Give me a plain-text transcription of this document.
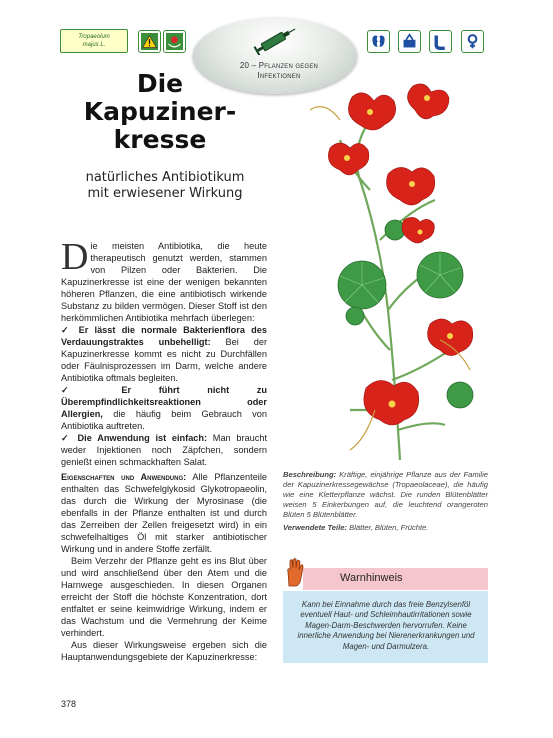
Tropaeolum
majus L.
20 – Pflanzen gegen
Infektionen
Die
Kapuziner-
kresse
natürliches Antibiotikum
mit erwiesener Wirkung
Die meisten Antibiotika, die heute therapeutisch genutzt werden, stammen von Pilzen oder Bakterien. Die Kapuzinerkresse ist eine der wenigen bekannten höheren Pflanzen, die eine antibiotisch wirkende Substanz zu bilden vermögen. Dieser Stoff ist den herkömmlichen Antibiotika mehrfach überlegen:
✓ Er lässt die normale Bakterienflora des Verdauungstraktes unbehelligt: Bei der Kapuzinerkresse kommt es nicht zu Durchfällen oder Fäulnisprozessen im Darm, welche andere Antibiotika oftmals begleiten.
✓ Er führt nicht zu Überempfindlichkeitsreaktionen oder Allergien, die häufig beim Gebrauch von Antibiotika auftreten.
✓ Die Anwendung ist einfach: Man braucht weder Injektionen noch Zäpfchen, sondern genießt einen schmackhaften Salat.
Eigenschaften und Anwendung: Alle Pflanzenteile enthalten das Schwefelglykosid Glykotropaeolin, das durch die Wirkung der Myrosinase (die ebenfalls in der Pflanze enthalten ist und durch das Zerreiben der Zellen freigesetzt wird) in ein schwefelhaltiges Öl mit starker antibiotischer Wirkung und in andere Stoffe zerfällt.
Beim Verzehr der Pflanze geht es ins Blut über und wird anschließend über den Atem und die Harnwege ausgeschieden. In diesen Organen erreicht der Stoff die höchste Konzentration, dort entfaltet er seine keimwidrige Wirkung, indem er das Wachstum und die Vermehrung der Keime verhindert.
Aus dieser Wirkungsweise ergeben sich die Hauptanwendungsgebiete der Kapuzinerkresse:
Beschreibung: Kräftige, einjährige Pflanze aus der Familie der Kapuzinerkressegewächse (Tropaeolaceae), die häufig wie eine Kletterpflanze wächst. Die runden Blütenblätter weisen 5 Einkerbungen auf, die leuchtend orangeroten Blüten 5 Blütenblätter.
Verwendete Teile: Blätter, Blüten, Früchte.
Warnhinweis
Kann bei Einnahme durch das freie Benzylsenföl eventuell Haut- und Schleimhautirritationen sowie Magen-Darm-Beschwerden hervorrufen. Keine innerliche Anwendung bei Nierenerkrankungen und Magen- und Darmulzera.
378
